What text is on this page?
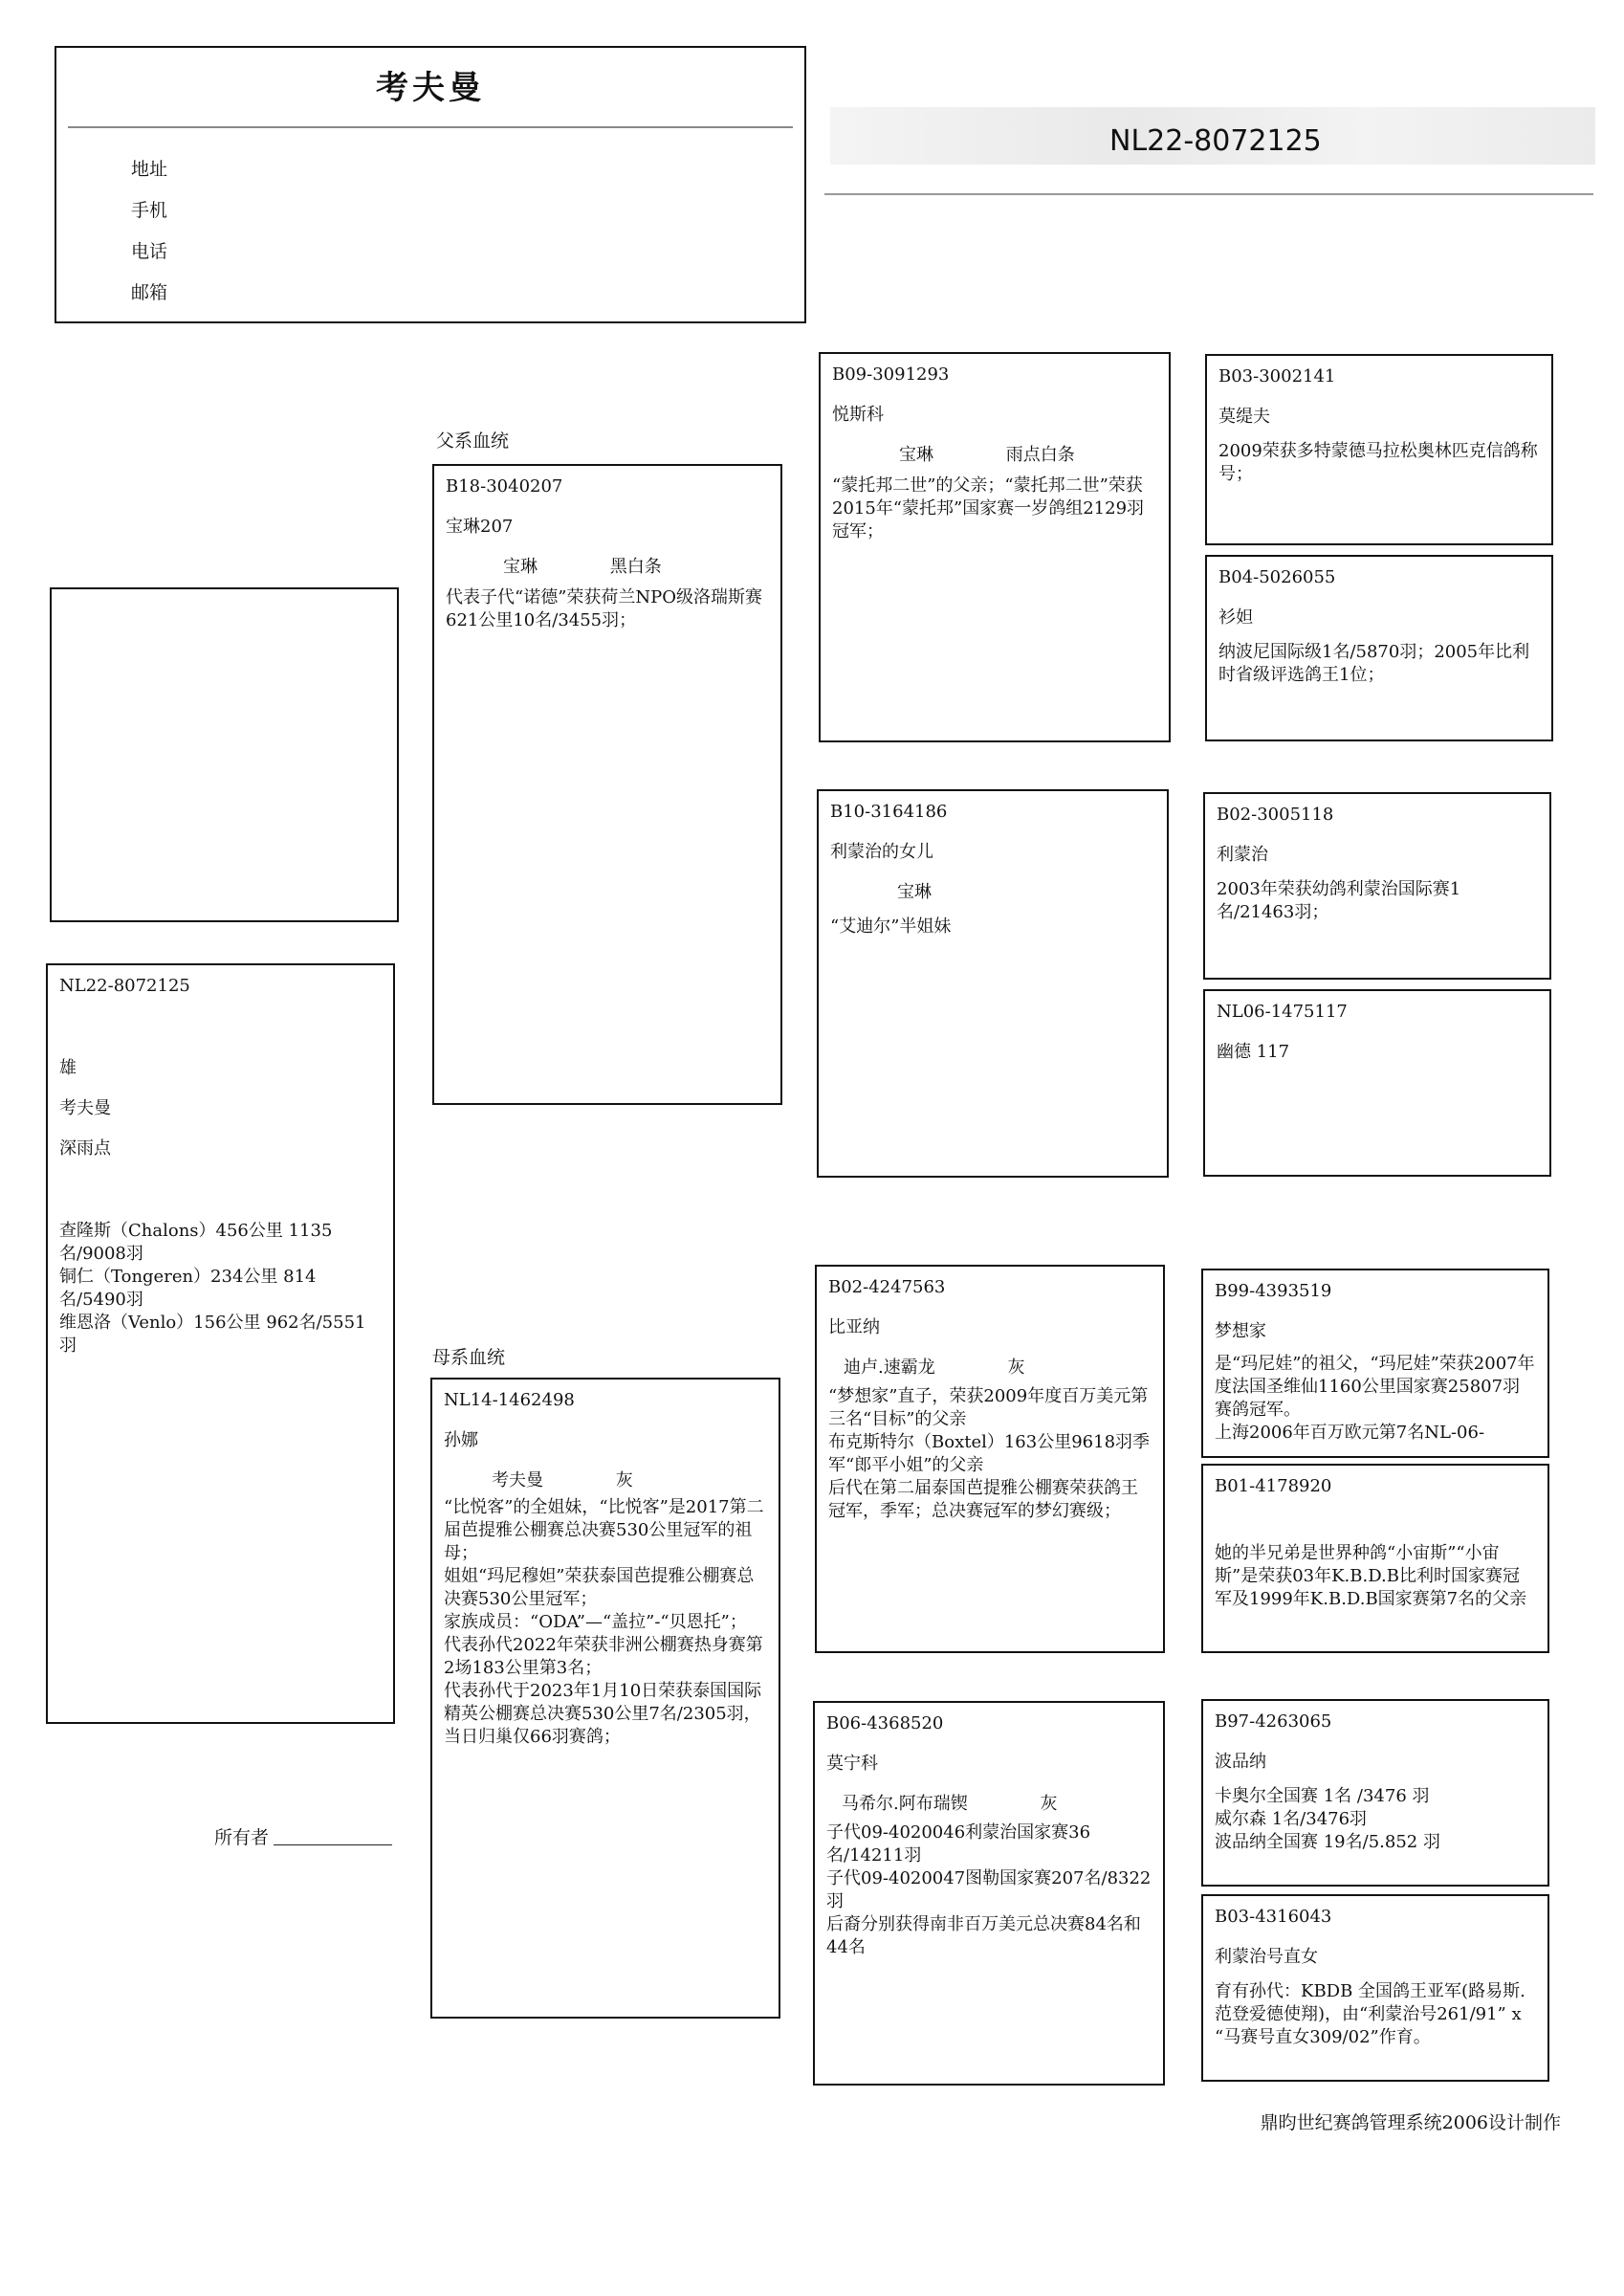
考夫曼
地址
手机
电话
邮箱
NL22-8072125
父系血统
母系血统
NL22-8072125
雄
考夫曼
深雨点
查隆斯（Chalons）456公里 1135名/9008羽
铜仁（Tongeren）234公里 814名/5490羽
维恩洛（Venlo）156公里 962名/5551羽
所有者
B18-3040207
宝琳207
宝琳	黑白条
代表子代“诺德”荣获荷兰NPO级洛瑞斯赛621公里10名/3455羽；
B09-3091293
悦斯科
宝琳	雨点白条
“蒙托邦二世”的父亲；“蒙托邦二世”荣获2015年“蒙托邦”国家赛一岁鸽组2129羽冠军；
B10-3164186
利蒙治的女儿
宝琳
“艾迪尔”半姐妹
B03-3002141
莫缇夫
2009荣获多特蒙德马拉松奥林匹克信鸽称号；
B04-5026055
衫妲
纳波尼国际级1名/5870羽；2005年比利时省级评选鸽王1位；
B02-3005118
利蒙治
2003年荣获幼鸽利蒙治国际赛1名/21463羽；
NL06-1475117
幽德 117
NL14-1462498
孙娜
考夫曼	灰
“比悦客”的全姐妹，“比悦客”是2017第二届芭提雅公棚赛总决赛530公里冠军的祖母；
姐姐“玛尼穆妲”荣获泰国芭提雅公棚赛总决赛530公里冠军；
家族成员：“ODA”—“盖拉”-“贝恩托”；
代表孙代2022年荣获非洲公棚赛热身赛第2场183公里第3名；
代表孙代于2023年1月10日荣获泰国国际精英公棚赛总决赛530公里7名/2305羽，当日归巢仅66羽赛鸽；
B02-4247563
比亚纳
迪卢.速霸龙	灰
“梦想家”直子，荣获2009年度百万美元第三名“目标”的父亲
布克斯特尔（Boxtel）163公里9618羽季军“郎平小姐”的父亲
后代在第二届泰国芭提雅公棚赛荣获鸽王冠军，季军；总决赛冠军的梦幻赛级；
B06-4368520
莫宁科
马希尔.阿布瑞锲	灰
子代09-4020046利蒙治国家赛36名/14211羽
子代09-4020047图勒国家赛207名/8322羽
后裔分别获得南非百万美元总决赛84名和44名
B99-4393519
梦想家
是“玛尼娃”的祖父，“玛尼娃”荣获2007年度法国圣维仙1160公里国家赛25807羽赛鸽冠军。
上海2006年百万欧元第7名NL-06-
B01-4178920
她的半兄弟是世界种鸽“小宙斯”“小宙斯”是荣获03年K.B.D.B比利时国家赛冠军及1999年K.B.D.B国家赛第7名的父亲
B97-4263065
波品纳
卡奥尔全国赛 1名 /3476 羽
威尔森 1名/3476羽
波品纳全国赛 19名/5.852 羽
B03-4316043
利蒙治号直女
育有孙代：KBDB 全国鸽王亚军(路易斯.范登爱德使翔)，由“利蒙治号261/91” x “马赛号直女309/02”作育。
鼎昀世纪赛鸽管理系统2006设计制作
